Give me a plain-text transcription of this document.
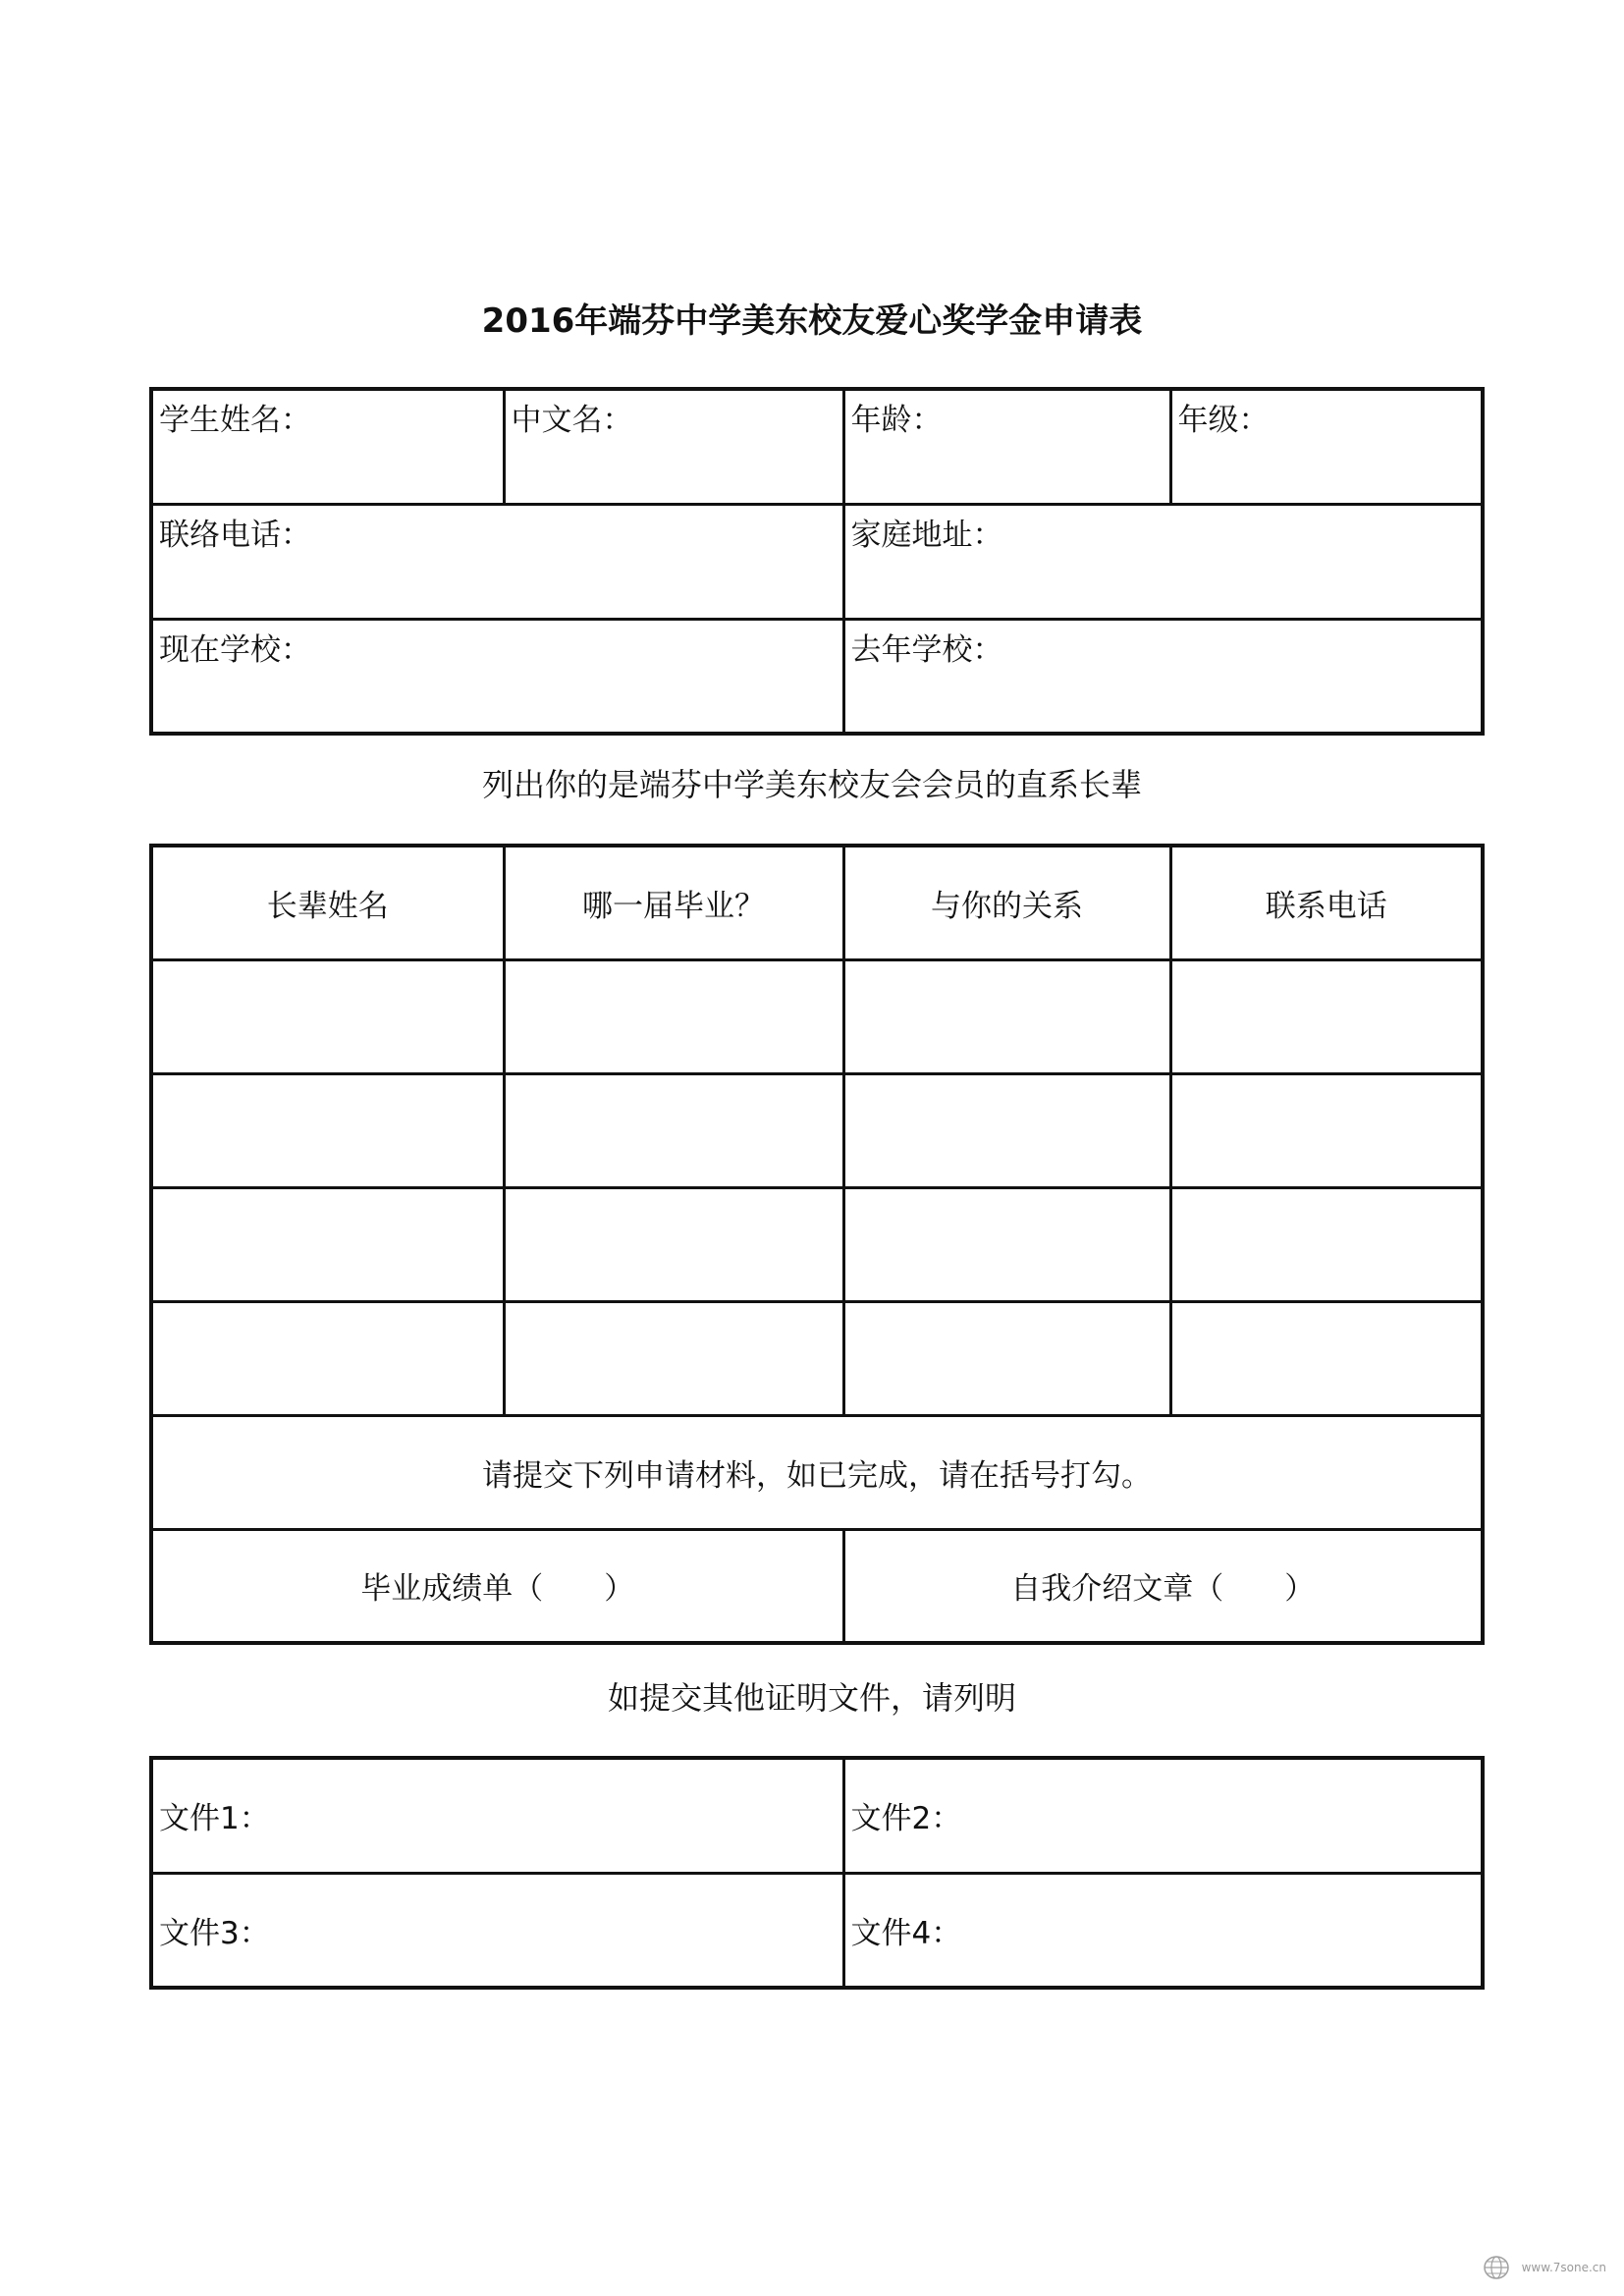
2016年端芬中学美东校友爱心奖学金申请表
学生姓名：	中文名：	年龄：	年级：
联络电话：		家庭地址：	
现在学校：		去年学校：	
列出你的是端芬中学美东校友会会员的直系长辈
长辈姓名	哪一届毕业？	与你的关系	联系电话

请提交下列申请材料，如已完成，请在括号打勾。			
毕业成绩单（　　）		自我介绍文章（　　）	
如提交其他证明文件，请列明
文件1：	文件2：
文件3：	文件4：
www.7sone.cn
